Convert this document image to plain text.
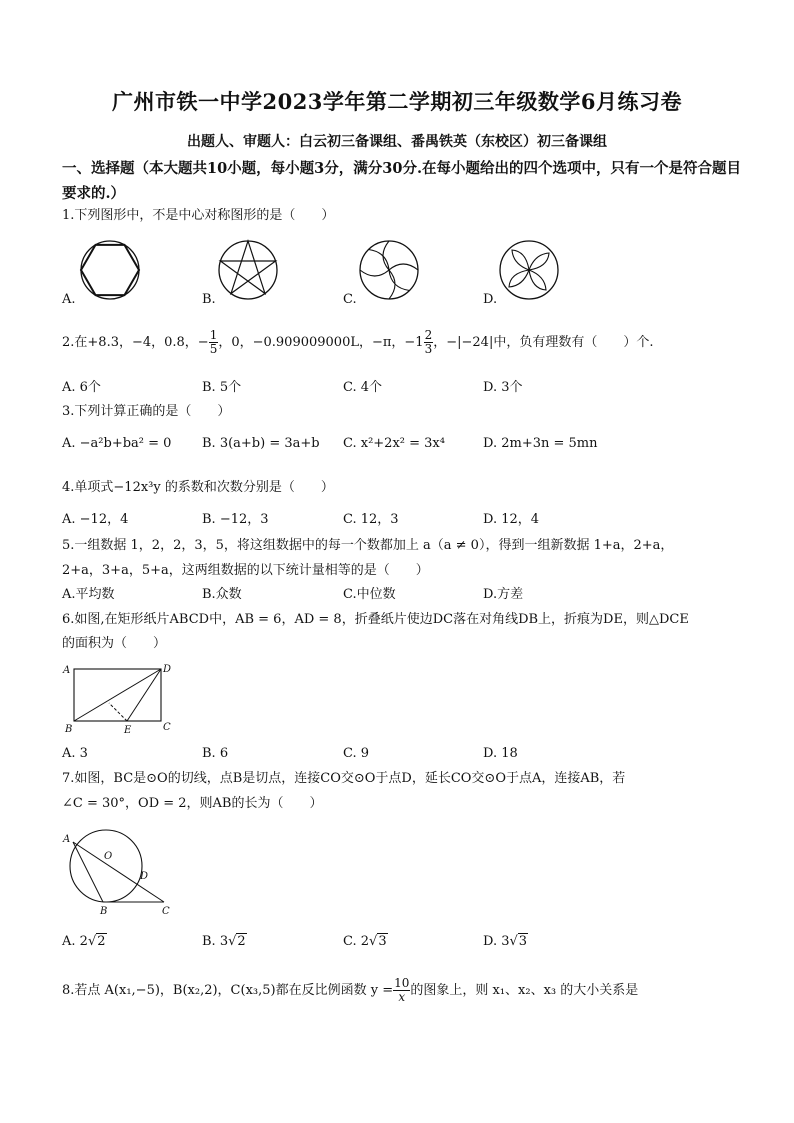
广州市铁一中学2023学年第二学期初三年级数学6月练习卷
出题人、审题人：白云初三备课组、番禺铁英（东校区）初三备课组
一、选择题（本大题共10小题，每小题3分，满分30分.在每小题给出的四个选项中，只有一个是符合题目要求的.）
1.下列图形中，不是中心对称图形的是（　　）
A.	B.	C.	D.
2.在+8.3，−4，0.8，− $\frac{1}{5}$ ，0，−0.909009000L，−π，$-1 \frac{2}{3}$ ，−|−24|中，负有理数有（　　）个.
A. 6个	B. 5个	C. 4个	D. 3个
3.下列计算正确的是（　　）
A. −a²b+ba² = 0 B. 3(a+b) = 3a+b C. x²+2x² = 3x⁴	D. 2m+3n = 5mn
4.单项式−12x³y 的系数和次数分别是（　　）
A. −12，4	B. −12，3	C. 12，3	D. 12，4
5.一组数据 1，2，2，3，5，将这组数据中的每一个数都加上 a（a ≠ 0），得到一组新数据 1+a，2+a，
2+a，3+a，5+a，这两组数据的以下统计量相等的是（　　）
A.平均数	B.众数	C.中位数	D.方差
6.如图,在矩形纸片ABCD中，AB = 6，AD = 8，折叠纸片使边DC落在对角线DB上，折痕为DE，则△DCE
的面积为（　　）
A	D
B	E	C
A. 3	B. 6	C. 9	D. 18
7.如图，BC是⊙O的切线，点B是切点，连接CO交⊙O于点D，延长CO交⊙O于点A，连接AB，若
∠C = 30°，OD = 2，则AB的长为（　　）
A
O
D
B	C
A. 2√2	B. 3√2	C. 2√3	D. 3√3
8.若点 A(x₁,−5)，B(x₂,2)，C(x₃,5)都在反比例函数 $y = \frac{10}{x}$ 的图象上，则 x₁、x₂、x₃ 的大小关系是
